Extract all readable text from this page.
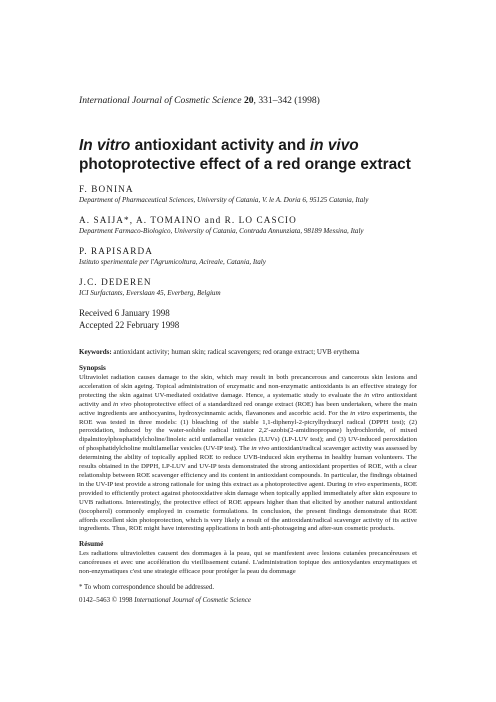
International Journal of Cosmetic Science 20, 331–342 (1998)

In vitro antioxidant activity and in vivo
photoprotective effect of a red orange extract

F. BONINA

Department of Pharmaceutical Sciences, University of Catania, V. le A. Doria 6, 95125 Catania, Italy

A. SAIJA*, A. TOMAINO and R. LO CASCIO

Department Farmaco-Biologico, University of Catania, Contrada Annunziata, 98189 Messina, Italy

P. RAPISARDA

Istituto sperimentale per l'Agrumicoltura, Acireale, Catania, Italy

J.C. DEDEREN

ICI Surfactants, Everslaan 45, Everberg, Belgium

Received 6 January 1998
Accepted 22 February 1998

Keywords: antioxidant activity; human skin; radical scavengers; red orange extract; UVB erythema

Synopsis

Ultraviolet radiation causes damage to the skin, which may result in both precancerous and cancerous skin lesions and acceleration of skin ageing. Topical administration of enzymatic and non-enzymatic antioxidants is an effective strategy for protecting the skin against UV-mediated oxidative damage. Hence, a systematic study to evaluate the in vitro antioxidant activity and in vivo photoprotective effect of a standardized red orange extract (ROE) has been undertaken, where the main active ingredients are anthocyanins, hydroxycinnamic acids, flavanones and ascorbic acid. For the in vitro experiments, the ROE was tested in three models: (1) bleaching of the stable 1,1-diphenyl-2-picrylhydrazyl radical (DPPH test); (2) peroxidation, induced by the water-soluble radical initiator 2,2′-azobis(2-amidinopropane) hydrochloride, of mixed dipalmitoylphosphatidylcholine/linoleic acid unilamellar vesicles (LUVs) (LP-LUV test); and (3) UV-induced peroxidation of phosphatidylcholine multilamellar vesicles (UV-IP test). The in vivo antioxidant/radical scavenger activity was assessed by determining the ability of topically applied ROE to reduce UVB-induced skin erythema in healthy human volunteers. The results obtained in the DPPH, LP-LUV and UV-IP tests demonstrated the strong antioxidant properties of ROE, with a clear relationship between ROE scavenger efficiency and its content in antioxidant compounds. In particular, the findings obtained in the UV-IP test provide a strong rationale for using this extract as a photoprotective agent. During in vivo experiments, ROE provided to efficiently protect against photooxidative skin damage when topically applied immediately after skin exposure to UVB radiations. Interestingly, the protective effect of ROE appears higher than that elicited by another natural antioxidant (tocopherol) commonly employed in cosmetic formulations. In conclusion, the present findings demonstrate that ROE affords excellent skin photoprotection, which is very likely a result of the antioxidant/radical scavenger activity of its active ingredients. Thus, ROE might have interesting applications in both anti-photoageing and after-sun cosmetic products.

Résumé

Les radiations ultraviolettes causent des dommages à la peau, qui se manifestent avec lesions cutanées precancéreuses et cancéreuses et avec une accélération du vieillissement cutané. L'administration topique des antioxydantes enzymatiques et non-enzymatiques c'est une strategie efficace pour protéger la peau du dommage

* To whom correspondence should be addressed.

0142–5463 © 1998 International Journal of Cosmetic Science
